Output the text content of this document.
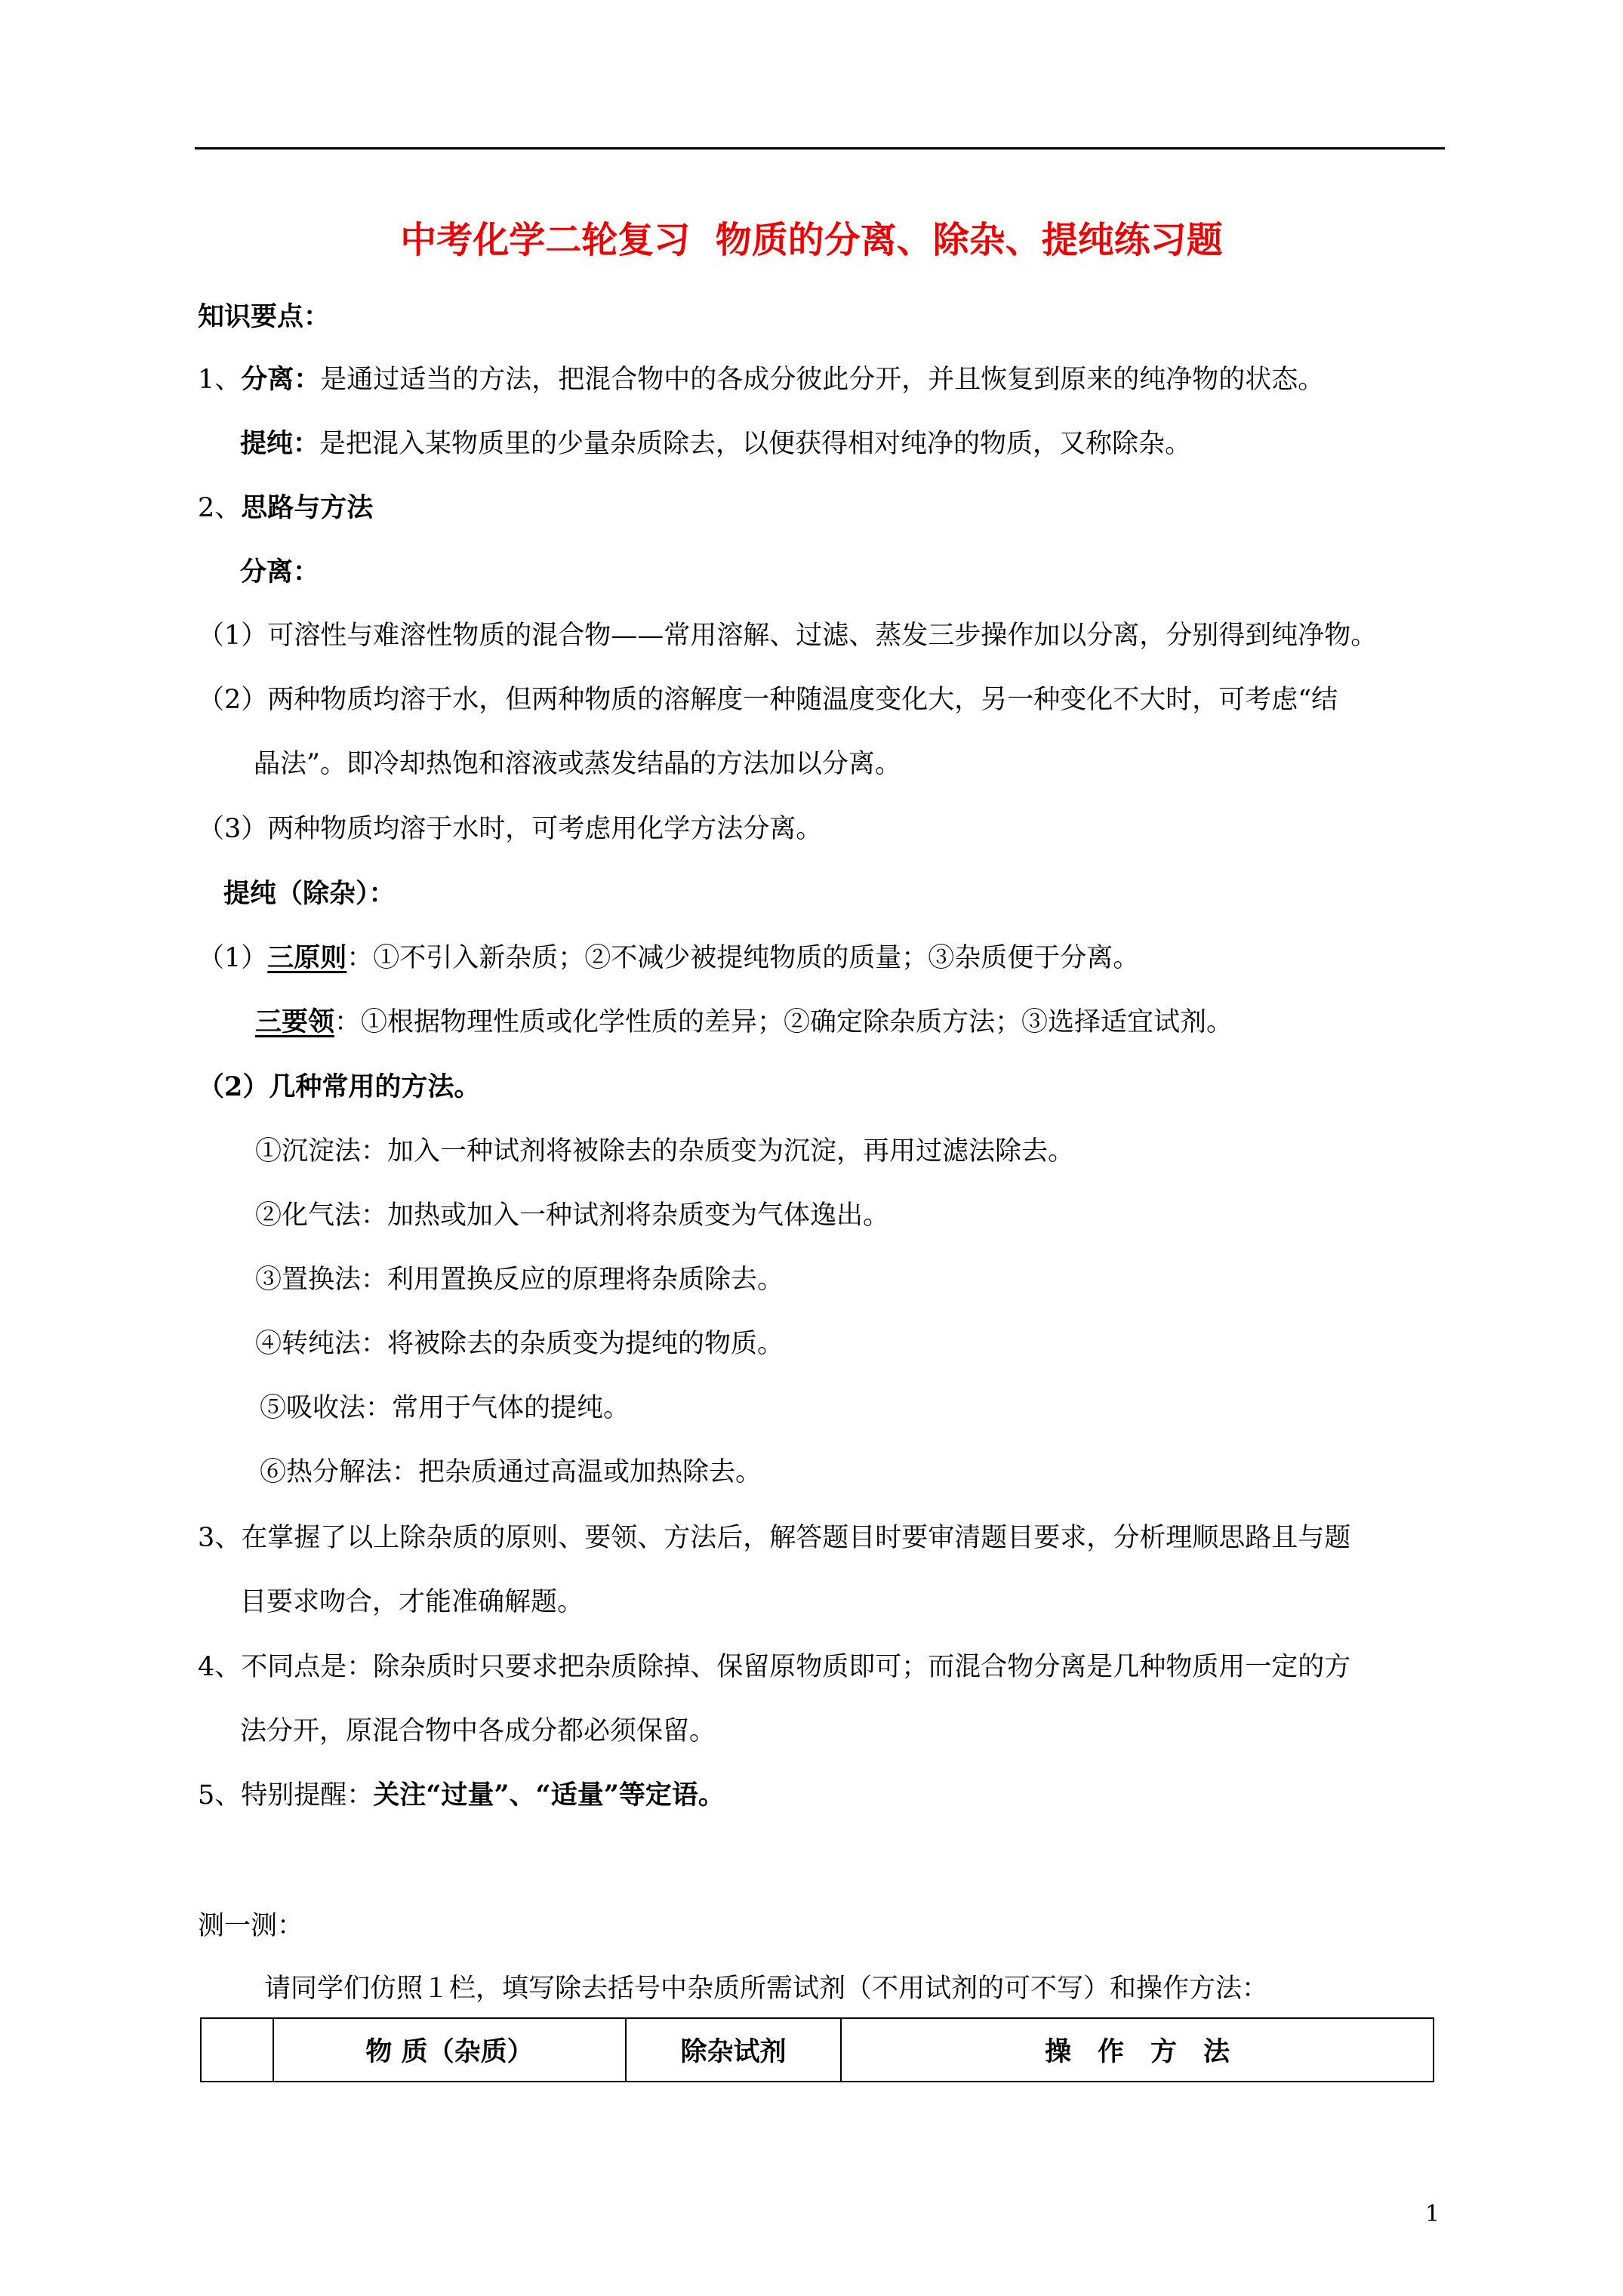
中考化学二轮复习  物质的分离、除杂、提纯练习题
知识要点：
1、分离：是通过适当的方法，把混合物中的各成分彼此分开，并且恢复到原来的纯净物的状态。
提纯：是把混入某物质里的少量杂质除去，以便获得相对纯净的物质，又称除杂。
2、思路与方法
分离：
（1）可溶性与难溶性物质的混合物——常用溶解、过滤、蒸发三步操作加以分离，分别得到纯净物。
（2）两种物质均溶于水，但两种物质的溶解度一种随温度变化大，另一种变化不大时，可考虑“结
晶法”。即冷却热饱和溶液或蒸发结晶的方法加以分离。
（3）两种物质均溶于水时，可考虑用化学方法分离。
提纯（除杂）：
（1）三原则：①不引入新杂质；②不减少被提纯物质的质量；③杂质便于分离。
三要领：①根据物理性质或化学性质的差异；②确定除杂质方法；③选择适宜试剂。
（2）几种常用的方法。
①沉淀法：加入一种试剂将被除去的杂质变为沉淀，再用过滤法除去。
②化气法：加热或加入一种试剂将杂质变为气体逸出。
③置换法：利用置换反应的原理将杂质除去。
④转纯法：将被除去的杂质变为提纯的物质。
⑤吸收法：常用于气体的提纯。
⑥热分解法：把杂质通过高温或加热除去。
3、在掌握了以上除杂质的原则、要领、方法后，解答题目时要审清题目要求，分析理顺思路且与题
目要求吻合，才能准确解题。
4、不同点是：除杂质时只要求把杂质除掉、保留原物质即可；而混合物分离是几种物质用一定的方
法分开，原混合物中各成分都必须保留。
5、特别提醒：关注“过量”、“适量”等定语。
测一测：
请同学们仿照１栏，填写除去括号中杂质所需试剂（不用试剂的可不写）和操作方法：
	物 质（杂质）	除杂试剂	操　作　方　法
1
